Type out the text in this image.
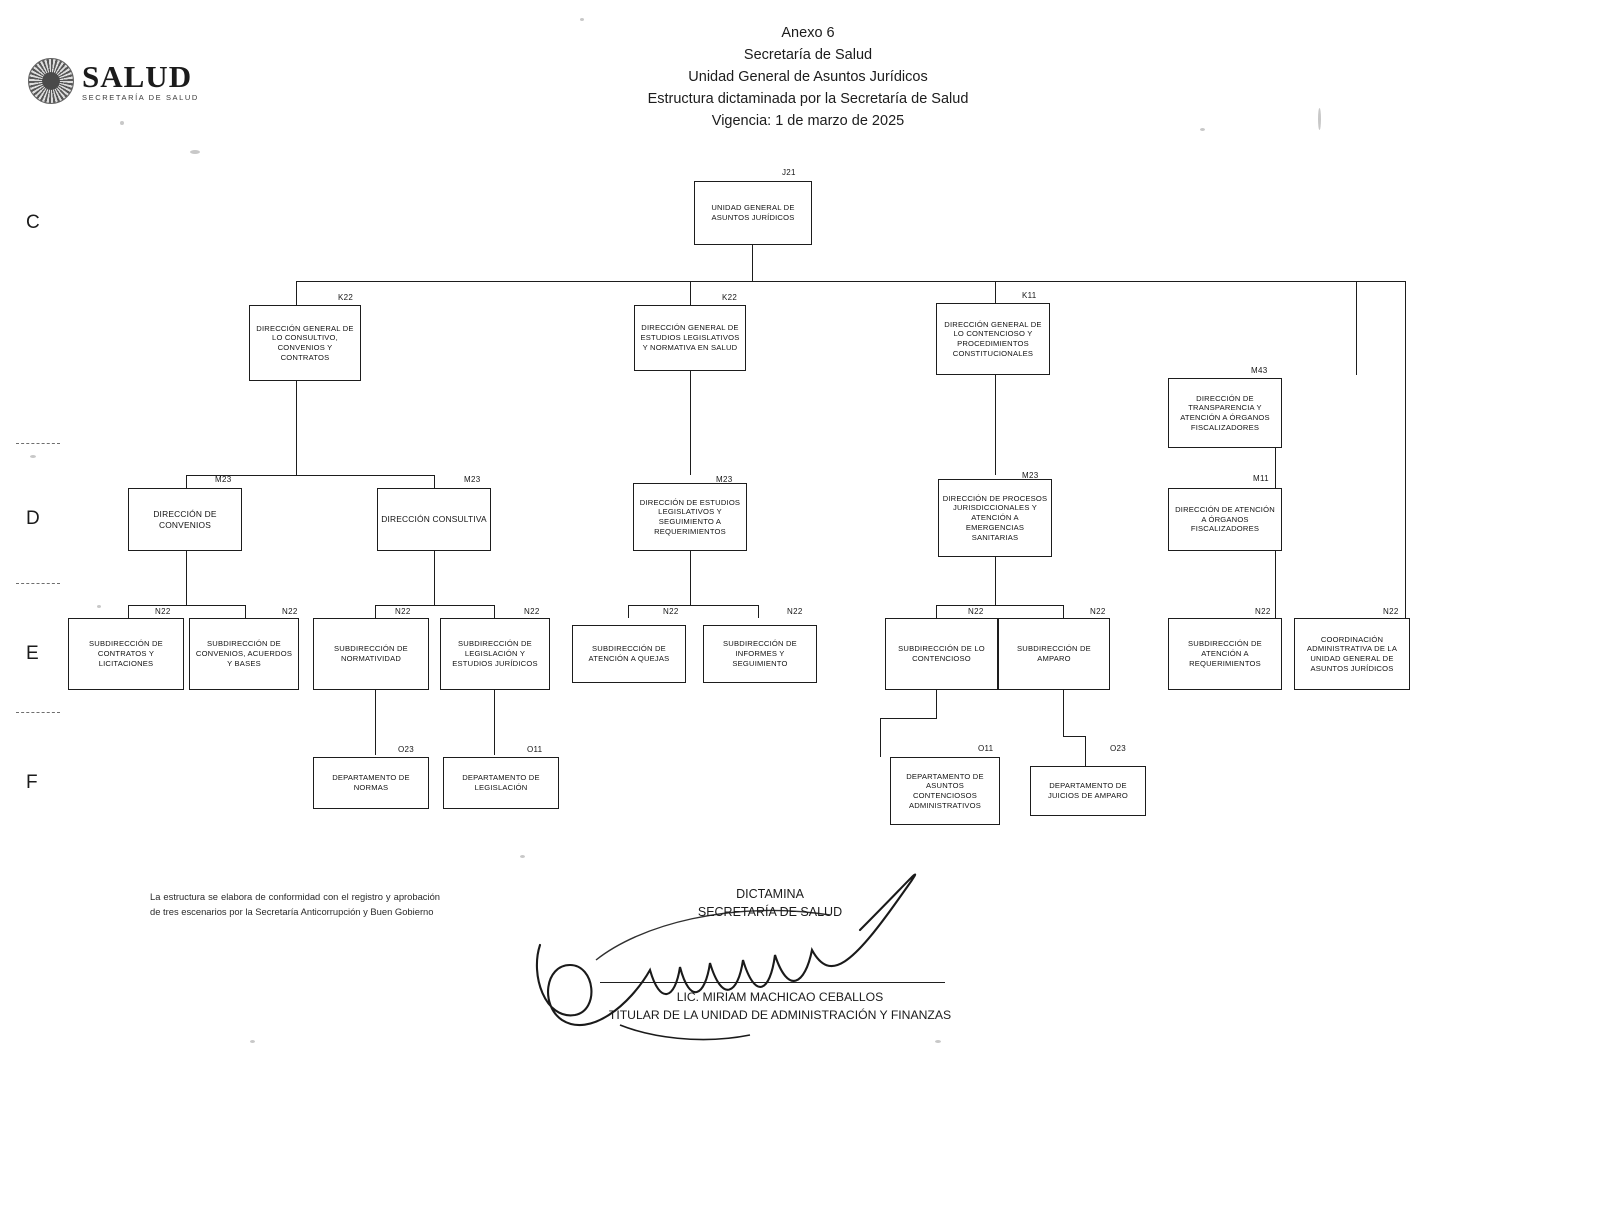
SALUD
SECRETARÍA DE SALUD
Anexo 6
Secretaría de Salud
Unidad General de Asuntos Jurídicos
Estructura dictaminada por la Secretaría de Salud
Vigencia: 1 de marzo de 2025
C
D
E
F
J21
UNIDAD GENERAL DE ASUNTOS JURÍDICOS
K22
DIRECCIÓN GENERAL DE LO CONSULTIVO, CONVENIOS Y CONTRATOS
K22
DIRECCIÓN GENERAL DE ESTUDIOS LEGISLATIVOS Y NORMATIVA EN SALUD
K11
DIRECCIÓN GENERAL DE LO CONTENCIOSO Y PROCEDIMIENTOS CONSTITUCIONALES
M43
DIRECCIÓN DE TRANSPARENCIA Y ATENCIÓN A ÓRGANOS FISCALIZADORES
M23
DIRECCIÓN DE CONVENIOS
M23
DIRECCIÓN CONSULTIVA
M23
DIRECCIÓN DE ESTUDIOS LEGISLATIVOS Y SEGUIMIENTO A REQUERIMIENTOS
M23
DIRECCIÓN DE PROCESOS JURISDICCIONALES Y ATENCIÓN A EMERGENCIAS SANITARIAS
M11
DIRECCIÓN DE ATENCIÓN A ÓRGANOS FISCALIZADORES
N22
SUBDIRECCIÓN DE CONTRATOS Y LICITACIONES
N22
SUBDIRECCIÓN DE CONVENIOS, ACUERDOS Y BASES
N22
SUBDIRECCIÓN DE NORMATIVIDAD
N22
SUBDIRECCIÓN DE LEGISLACIÓN Y ESTUDIOS JURÍDICOS
N22
SUBDIRECCIÓN DE ATENCIÓN A QUEJAS
N22
SUBDIRECCIÓN DE INFORMES Y SEGUIMIENTO
N22
SUBDIRECCIÓN DE LO CONTENCIOSO
N22
SUBDIRECCIÓN DE AMPARO
N22
SUBDIRECCIÓN DE ATENCIÓN A REQUERIMIENTOS
N22
COORDINACIÓN ADMINISTRATIVA DE LA UNIDAD GENERAL DE ASUNTOS JURÍDICOS
O23
DEPARTAMENTO DE NORMAS
O11
DEPARTAMENTO DE LEGISLACIÓN
O11
DEPARTAMENTO DE ASUNTOS CONTENCIOSOS ADMINISTRATIVOS
O23
DEPARTAMENTO DE JUICIOS DE AMPARO
La estructura se elabora de conformidad con el registro y aprobación de tres escenarios por la Secretaría Anticorrupción y Buen Gobierno
DICTAMINA
SECRETARÍA DE SALUD
LIC. MIRIAM MACHICAO CEBALLOS
TITULAR DE LA UNIDAD DE ADMINISTRACIÓN Y FINANZAS
